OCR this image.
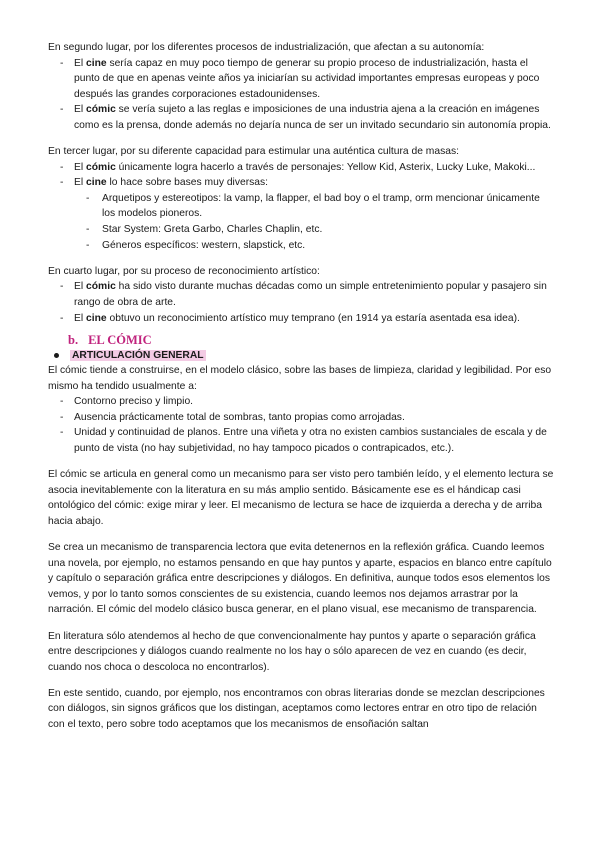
En segundo lugar, por los diferentes procesos de industrialización, que afectan a su autonomía:

- El cine sería capaz en muy poco tiempo de generar su propio proceso de industrialización, hasta el punto de que en apenas veinte años ya iniciarían su actividad importantes empresas europeas y poco después las grandes corporaciones estadounidenses.
- El cómic se vería sujeto a las reglas e imposiciones de una industria ajena a la creación en imágenes como es la prensa, donde además no dejaría nunca de ser un invitado secundario sin autonomía propia.

En tercer lugar, por su diferente capacidad para estimular una auténtica cultura de masas:

- El cómic únicamente logra hacerlo a través de personajes: Yellow Kid, Asterix, Lucky Luke, Makoki...
- El cine lo hace sobre bases muy diversas:
- Arquetipos y estereotipos: la vamp, la flapper, el bad boy o el tramp, orm mencionar únicamente los modelos pioneros.
- Star System: Greta Garbo, Charles Chaplin, etc.
- Géneros específicos: western, slapstick, etc.

En cuarto lugar, por su proceso de reconocimiento artístico:

- El cómic ha sido visto durante muchas décadas como un simple entretenimiento popular y pasajero sin rango de obra de arte.
- El cine obtuvo un reconocimiento artístico muy temprano (en 1914 ya estaría asentada esa idea).
b. EL CÓMIC
ARTICULACIÓN GENERAL

El cómic tiende a construirse, en el modelo clásico, sobre las bases de limpieza, claridad y legibilidad. Por eso mismo ha tendido usualmente a:

- Contorno preciso y limpio.
- Ausencia prácticamente total de sombras, tanto propias como arrojadas.
- Unidad y continuidad de planos. Entre una viñeta y otra no existen cambios sustanciales de escala y de punto de vista (no hay subjetividad, no hay tampoco picados o contrapicados, etc.).

El cómic se articula en general como un mecanismo para ser visto pero también leído, y el elemento lectura se asocia inevitablemente con la literatura en su más amplio sentido. Básicamente ese es el hándicap casi ontológico del cómic: exige mirar y leer. El mecanismo de lectura se hace de izquierda a derecha y de arriba hacia abajo.

Se crea un mecanismo de transparencia lectora que evita detenernos en la reflexión gráfica. Cuando leemos una novela, por ejemplo, no estamos pensando en que hay puntos y aparte, espacios en blanco entre capítulo y capítulo o separación gráfica entre descripciones y diálogos. En definitiva, aunque todos esos elementos los vemos, y por lo tanto somos conscientes de su existencia, cuando leemos nos dejamos arrastrar por la narración. El cómic del modelo clásico busca generar, en el plano visual, ese mecanismo de transparencia.

En literatura sólo atendemos al hecho de que convencionalmente hay puntos y aparte o separación gráfica entre descripciones y diálogos cuando realmente no los hay o sólo aparecen de vez en cuando (es decir, cuando nos choca o descoloca no encontrarlos).

En este sentido, cuando, por ejemplo, nos encontramos con obras literarias donde se mezclan descripciones con diálogos, sin signos gráficos que los distingan, aceptamos como lectores entrar en otro tipo de relación con el texto, pero sobre todo aceptamos que los mecanismos de ensoñación saltan
